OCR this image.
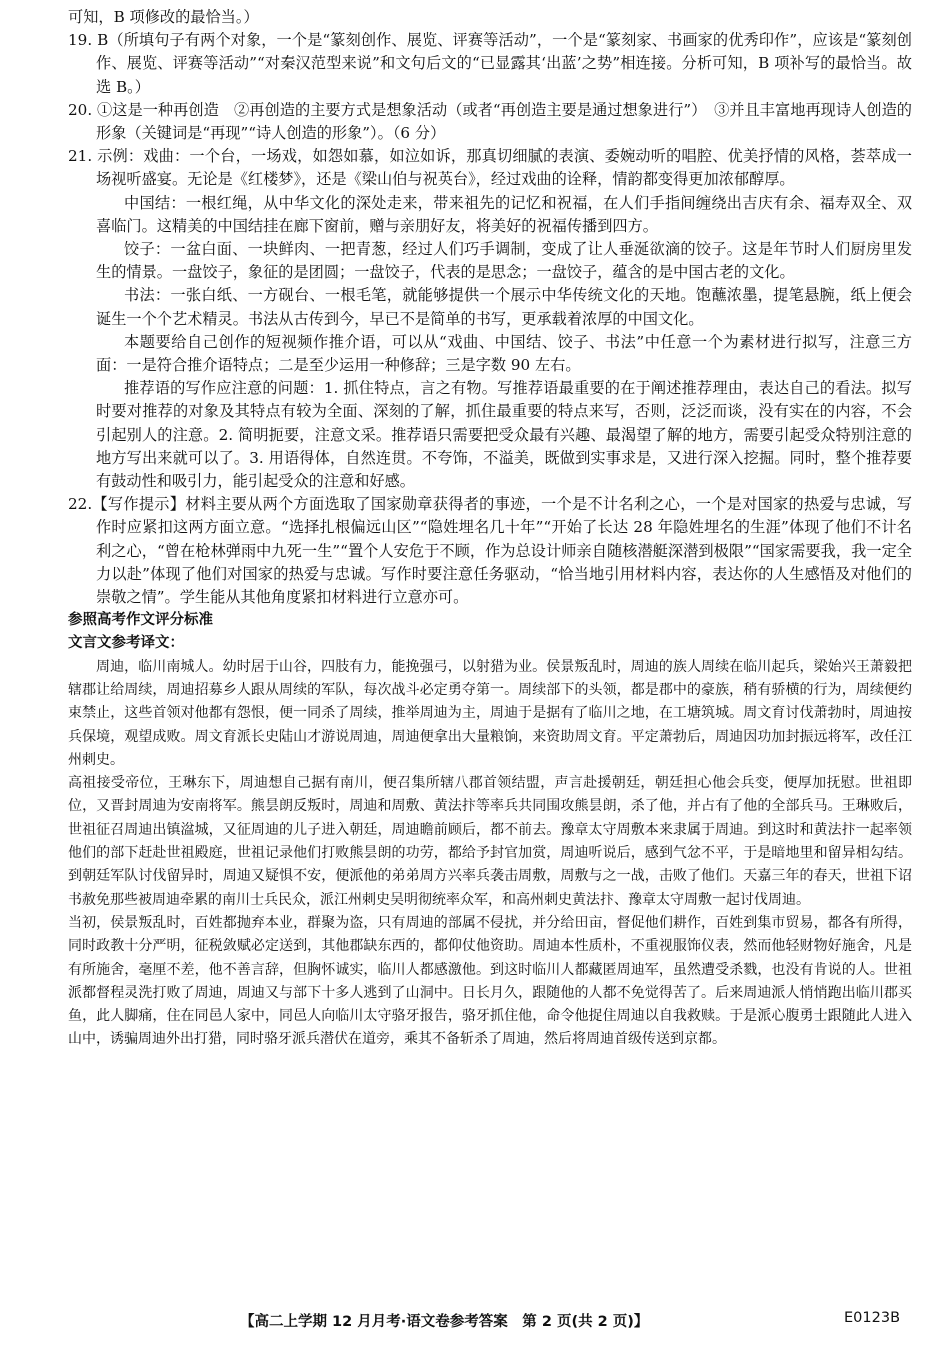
可知，B 项修改的最恰当。）

19. B（所填句子有两个对象，一个是“篆刻创作、展览、评赛等活动”，一个是“篆刻家、书画家的优秀印作”，应该是“篆刻创作、展览、评赛等活动”“对秦汉范型来说”和文句后文的“已显露其‘出蓝’之势”相连接。分析可知，B 项补写的最恰当。故选 B。）

20. ①这是一种再创造　②再创造的主要方式是想象活动（或者“再创造主要是通过想象进行”）　③并且丰富地再现诗人创造的形象（关键词是“再现”“诗人创造的形象”）。（6 分）

21. 示例：戏曲：一个台，一场戏，如怨如慕，如泣如诉，那真切细腻的表演、委婉动听的唱腔、优美抒情的风格，荟萃成一场视听盛宴。无论是《红楼梦》，还是《梁山伯与祝英台》，经过戏曲的诠释，情韵都变得更加浓郁醇厚。

中国结：一根红绳，从中华文化的深处走来，带来祖先的记忆和祝福，在人们手指间缠绕出吉庆有余、福寿双全、双喜临门。这精美的中国结挂在廊下窗前，赠与亲朋好友，将美好的祝福传播到四方。

饺子：一盆白面、一块鲜肉、一把青葱，经过人们巧手调制，变成了让人垂涎欲滴的饺子。这是年节时人们厨房里发生的情景。一盘饺子，象征的是团圆；一盘饺子，代表的是思念；一盘饺子，蕴含的是中国古老的文化。

书法：一张白纸、一方砚台、一根毛笔，就能够提供一个展示中华传统文化的天地。饱蘸浓墨，提笔悬腕，纸上便会诞生一个个艺术精灵。书法从古传到今，早已不是简单的书写，更承载着浓厚的中国文化。

本题要给自己创作的短视频作推介语，可以从“戏曲、中国结、饺子、书法”中任意一个为素材进行拟写，注意三方面：一是符合推介语特点；二是至少运用一种修辞；三是字数 90 左右。

推荐语的写作应注意的问题：1. 抓住特点，言之有物。写推荐语最重要的在于阐述推荐理由，表达自己的看法。拟写时要对推荐的对象及其特点有较为全面、深刻的了解，抓住最重要的特点来写，否则，泛泛而谈，没有实在的内容，不会引起别人的注意。2. 简明扼要，注意文采。推荐语只需要把受众最有兴趣、最渴望了解的地方，需要引起受众特别注意的地方写出来就可以了。3. 用语得体，自然连贯。不夸饰，不溢美，既做到实事求是，又进行深入挖掘。同时，整个推荐要有鼓动性和吸引力，能引起受众的注意和好感。

22.【写作提示】材料主要从两个方面选取了国家勋章获得者的事迹，一个是不计名利之心，一个是对国家的热爱与忠诚，写作时应紧扣这两方面立意。“选择扎根偏远山区”“隐姓埋名几十年”“开始了长达 28 年隐姓埋名的生涯”体现了他们不计名利之心，“曾在枪林弹雨中九死一生”“置个人安危于不顾，作为总设计师亲自随核潜艇深潜到极限”“国家需要我，我一定全力以赴”体现了他们对国家的热爱与忠诚。写作时要注意任务驱动，“恰当地引用材料内容，表达你的人生感悟及对他们的崇敬之情”。学生能从其他角度紧扣材料进行立意亦可。

参照高考作文评分标准

文言文参考译文：

周迪，临川南城人。幼时居于山谷，四肢有力，能挽强弓，以射猎为业。侯景叛乱时，周迪的族人周续在临川起兵，梁始兴王萧毅把辖郡让给周续，周迪招募乡人跟从周续的军队，每次战斗必定勇夺第一。周续部下的头领，都是郡中的豪族，稍有骄横的行为，周续便约束禁止，这些首领对他都有怨恨，便一同杀了周续，推举周迪为主，周迪于是据有了临川之地，在工塘筑城。周文育讨伐萧勃时，周迪按兵保境，观望成败。周文育派长史陆山才游说周迪，周迪便拿出大量粮饷，来资助周文育。平定萧勃后，周迪因功加封振远将军，改任江州刺史。

高祖接受帝位，王琳东下，周迪想自己据有南川，便召集所辖八郡首领结盟，声言赴援朝廷，朝廷担心他会兵变，便厚加抚慰。世祖即位，又晋封周迪为安南将军。熊昙朗反叛时，周迪和周敷、黄法抃等率兵共同围攻熊昙朗，杀了他，并占有了他的全部兵马。王琳败后，世祖征召周迪出镇湓城，又征周迪的儿子进入朝廷，周迪瞻前顾后，都不前去。豫章太守周敷本来隶属于周迪。到这时和黄法抃一起率领他们的部下赶赴世祖殿庭，世祖记录他们打败熊昙朗的功劳，都给予封官加赏，周迪听说后，感到气忿不平，于是暗地里和留异相勾结。到朝廷军队讨伐留异时，周迪又疑惧不安，便派他的弟弟周方兴率兵袭击周敷，周敷与之一战，击败了他们。天嘉三年的春天，世祖下诏书赦免那些被周迪牵累的南川士兵民众，派江州刺史吴明彻统率众军，和高州刺史黄法抃、豫章太守周敷一起讨伐周迪。

当初，侯景叛乱时，百姓都抛弃本业，群聚为盗，只有周迪的部属不侵扰，并分给田亩，督促他们耕作，百姓到集市贸易，都各有所得，同时政教十分严明，征税敛赋必定送到，其他郡缺东西的，都仰仗他资助。周迪本性质朴，不重视服饰仪表，然而他轻财物好施舍，凡是有所施舍，毫厘不差，他不善言辞，但胸怀诚实，临川人都感激他。到这时临川人都藏匿周迪军，虽然遭受杀戮，也没有肯说的人。世祖派都督程灵洗打败了周迪，周迪又与部下十多人逃到了山洞中。日长月久，跟随他的人都不免觉得苦了。后来周迪派人悄悄跑出临川郡买鱼，此人脚痛，住在同邑人家中，同邑人向临川太守骆牙报告，骆牙抓住他，命令他捉住周迪以自我救赎。于是派心腹勇士跟随此人进入山中，诱骗周迪外出打猎，同时骆牙派兵潜伏在道旁，乘其不备斩杀了周迪，然后将周迪首级传送到京都。

【高二上学期 12 月月考·语文卷参考答案　第 2 页(共 2 页)】	E0123B
